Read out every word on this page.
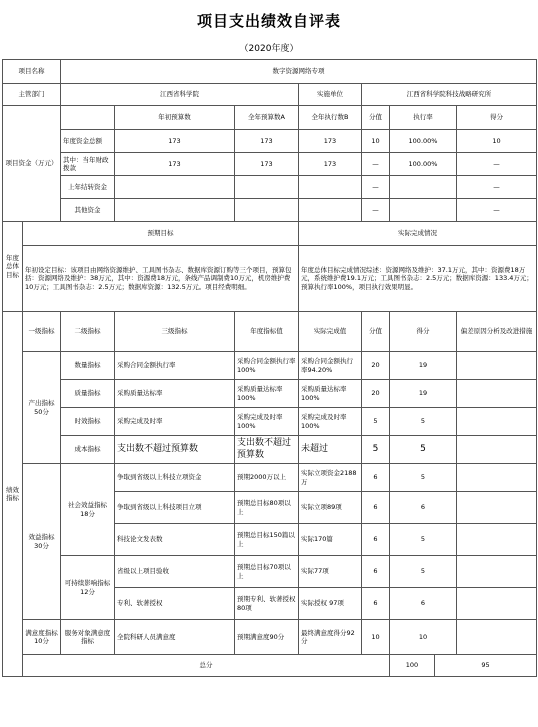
项目支出绩效自评表
（2020年度）
项目名称		数字资源网络专项								
主管部门		江西省科学院			实施单位	江西省科学院科技战略研究所				
项目资金（万元）			年初预算数	全年预算数A	全年执行数B	分值	执行率		得分	
		年度资金总额	173	173	173	10	100.00%		10	
		其中：当年财政拨款	173	173	173	—	100.00%		—	
		上年结转资金				—			—	
		其他资金				—			—	
年度总体目标	预期目标				实际完成情况					
	年初设定目标：该项目由网络资源维护、工具图书杂志、数据库资源订购等三个项目，预算包括：资源网络及维护：38万元，其中：资源费18万元，条线产品调制费10万元，机房维护费10万元；工具图书杂志：2.5万元；数据库资源：132.5万元。项目经费明细。				年度总体目标完成情况综述：资源网络及维护：37.1万元，其中：资源费18万元，系统维护费19.1万元；工具图书杂志：2.5万元；数据库资源：133.4万元；预算执行率100%，项目执行效果明显。					
绩效指标	一级指标	二级指标	三级指标	年度指标值	实际完成值	分值	得分		偏差原因分析及改进措施	
	产出指标 50分	数量指标	采购合同金额执行率	采购合同金额执行率100%	采购合同金额执行率94.20%	20	19			
		质量指标	采购质量达标率	采购质量达标率100%	采购质量达标率100%	20	19			
		时效指标	采购完成及时率	采购完成及时率100%	采购完成及时率100%	5	5			
		成本指标	支出数不超过预算数	支出数不超过预算数	未超过	5	5			
	效益指标 30分	社会效益指标 18分	争取到省级以上科技立项资金	预期2000万以上	实际立项资金2188万	6	5			
			争取到省级以上科技项目立项	预期总目标80项以上	实际立项89项	6	6			
			科技论文发表数	预期总目标150篇以上	实际170篇	6	5			
		可持续影响指标 12分	省级以上项目验收	预期总目标70项以上	实际77项	6	5			
			专利、软著授权	预期专利、软著授权80项	实际授权 97项	6	6			
	满意度指标 10分	服务对象满意度指标	全院科研人员满意度	预期满意度90分	最终满意度得分92分	10	10			
	总分						100	95		
